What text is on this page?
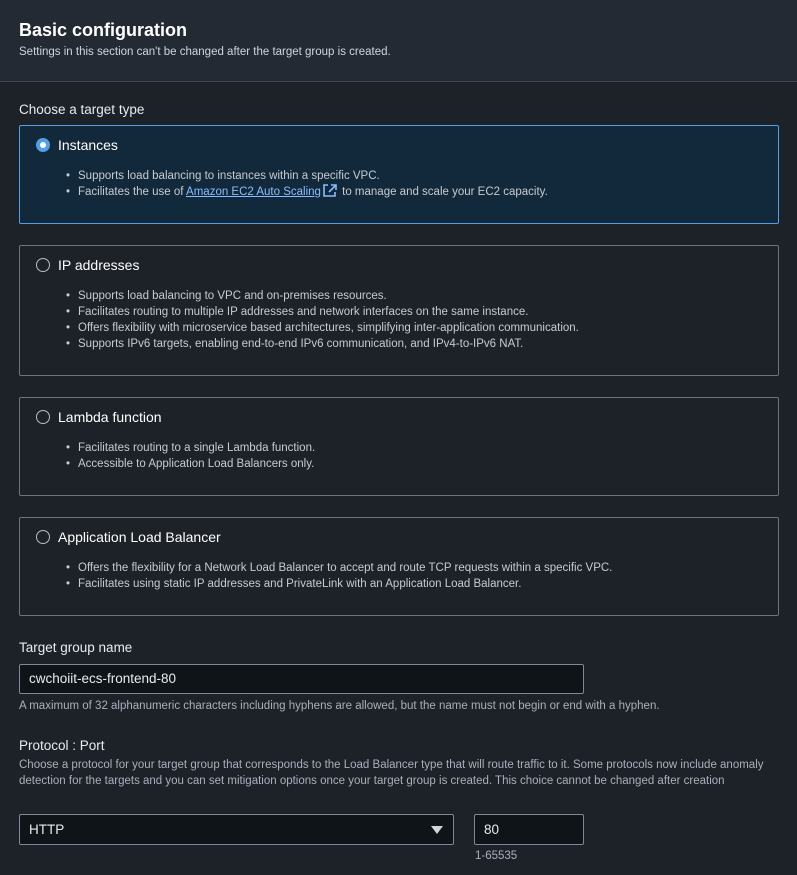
Basic configuration
Settings in this section can't be changed after the target group is created.
Choose a target type
Instances
• Supports load balancing to instances within a specific VPC.
• Facilitates the use of Amazon EC2 Auto Scaling to manage and scale your EC2 capacity.
IP addresses
• Supports load balancing to VPC and on-premises resources.
• Facilitates routing to multiple IP addresses and network interfaces on the same instance.
• Offers flexibility with microservice based architectures, simplifying inter-application communication.
• Supports IPv6 targets, enabling end-to-end IPv6 communication, and IPv4-to-IPv6 NAT.
Lambda function
• Facilitates routing to a single Lambda function.
• Accessible to Application Load Balancers only.
Application Load Balancer
• Offers the flexibility for a Network Load Balancer to accept and route TCP requests within a specific VPC.
• Facilitates using static IP addresses and PrivateLink with an Application Load Balancer.
Target group name
cwchoiit-ecs-frontend-80
A maximum of 32 alphanumeric characters including hyphens are allowed, but the name must not begin or end with a hyphen.
Protocol : Port
Choose a protocol for your target group that corresponds to the Load Balancer type that will route traffic to it. Some protocols now include anomaly detection for the targets and you can set mitigation options once your target group is created. This choice cannot be changed after creation
HTTP	80
1-65535
